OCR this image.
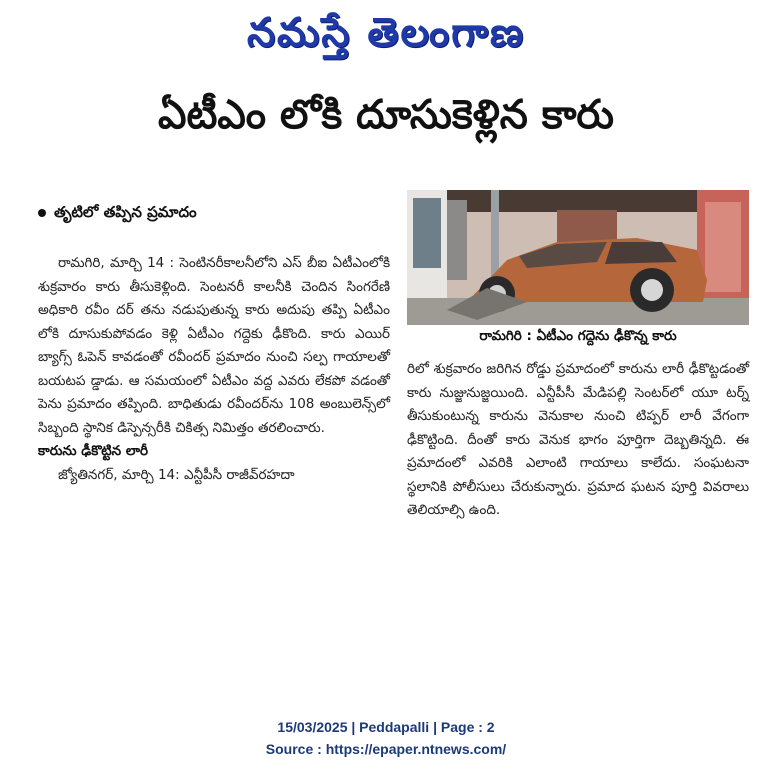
నమస్తే తెలంగాణ
ఏటీఎం లోకి దూసుకెళ్లిన కారు
తృటిలో తప్పిన ప్రమాదం

రామగిరి, మార్చి 14 : సెంటినరీకాలనీలోని ఎస్ బీఐ ఏటీఎంలోకి శుక్రవారం కారు తీసుకెళ్లింది. సెంటనరీ కాలనీకి చెందిన సింగరేణి అధికారి రవీం దర్ తను నడుపుతున్న కారు అదుపు తప్పి ఏటీఎం లోకి దూసుకుపోవడం కెళ్లి ఏటీఎం గద్దెకు ఢీకొంది. కారు ఎయిర్ బ్యాగ్స్ ఓపెన్ కావడంతో రవీందర్ ప్రమాదం నుంచి సల్ప గాయాలతో బయటప డ్డాడు. ఆ సమయంలో ఏటీఎం వద్ద ఎవరు లేకపో వడంతో పెను ప్రమాదం తప్పింది. బాధితుడు రవీందర్‌ను 108 అంబులెన్స్‌లో సిబ్బంది స్థానిక డిస్పెన్సరీకి చికిత్స నిమిత్తం తరలించారు.

కారును ఢీకొట్టిన లారీ

జ్యోతినగర్, మార్చి 14: ఎన్టీపీసీ రాజీవ్‌రహదా

రామగిరి : ఏటీఎం గద్దెను ఢీకొన్న కారు

రిలో శుక్రవారం జరిగిన రోడ్డు ప్రమాదంలో కారును లారీ ఢీకొట్టడంతో కారు నుజ్జునుజ్జయింది. ఎన్టీపీసీ మేడిపల్లి సెంటర్‌లో యూ టర్న్ తీసుకుంటున్న కారును వెనుకాల నుంచి టిప్పర్ లారీ వేగంగా ఢీకొట్టింది. దీంతో కారు వెనుక భాగం పూర్తిగా దెబ్బతిన్నది. ఈ ప్రమాదంలో ఎవరికి ఎలాంటి గాయాలు కాలేదు. సంఘటనా స్థలానికి పోలీసులు చేరుకున్నారు. ప్రమాద ఘటన పూర్తి వివరాలు తెలియాల్సి ఉంది.

15/03/2025 | Peddapalli | Page : 2
Source : https://epaper.ntnews.com/
